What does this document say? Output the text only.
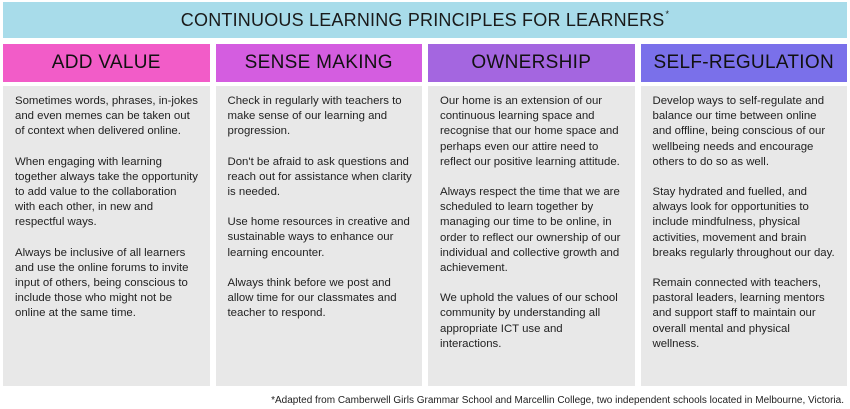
CONTINUOUS LEARNING PRINCIPLES FOR LEARNERS*
ADD VALUE

Sometimes words, phrases, in-jokes and even memes can be taken out of context when delivered online.

When engaging with learning together always take the opportunity to add value to the collaboration with each other, in new and respectful ways.

Always be inclusive of all learners and use the online forums to invite input of others, being conscious to include those who might not be online at the same time.

SENSE MAKING

Check in regularly with teachers to make sense of our learning and progression.

Don't be afraid to ask questions and reach out for assistance when clarity is needed.

Use home resources in creative and sustainable ways to enhance our learning encounter.

Always think before we post and allow time for our classmates and teacher to respond.

OWNERSHIP

Our home is an extension of our continuous learning space and recognise that our home space and perhaps even our attire need to reflect our positive learning attitude.

Always respect the time that we are scheduled to learn together by managing our time to be online, in order to reflect our ownership of our individual and collective growth and achievement.

We uphold the values of our school community by understanding all appropriate ICT use and interactions.

SELF-REGULATION

Develop ways to self-regulate and balance our time between online and offline, being conscious of our wellbeing needs and encourage others to do so as well.

Stay hydrated and fuelled, and always look for opportunities to include mindfulness, physical activities, movement and brain breaks regularly throughout our day.

Remain connected with teachers, pastoral leaders, learning mentors and support staff to maintain our overall mental and physical wellness.

*Adapted from Camberwell Girls Grammar School and Marcellin College, two independent schools located in Melbourne, Victoria.
